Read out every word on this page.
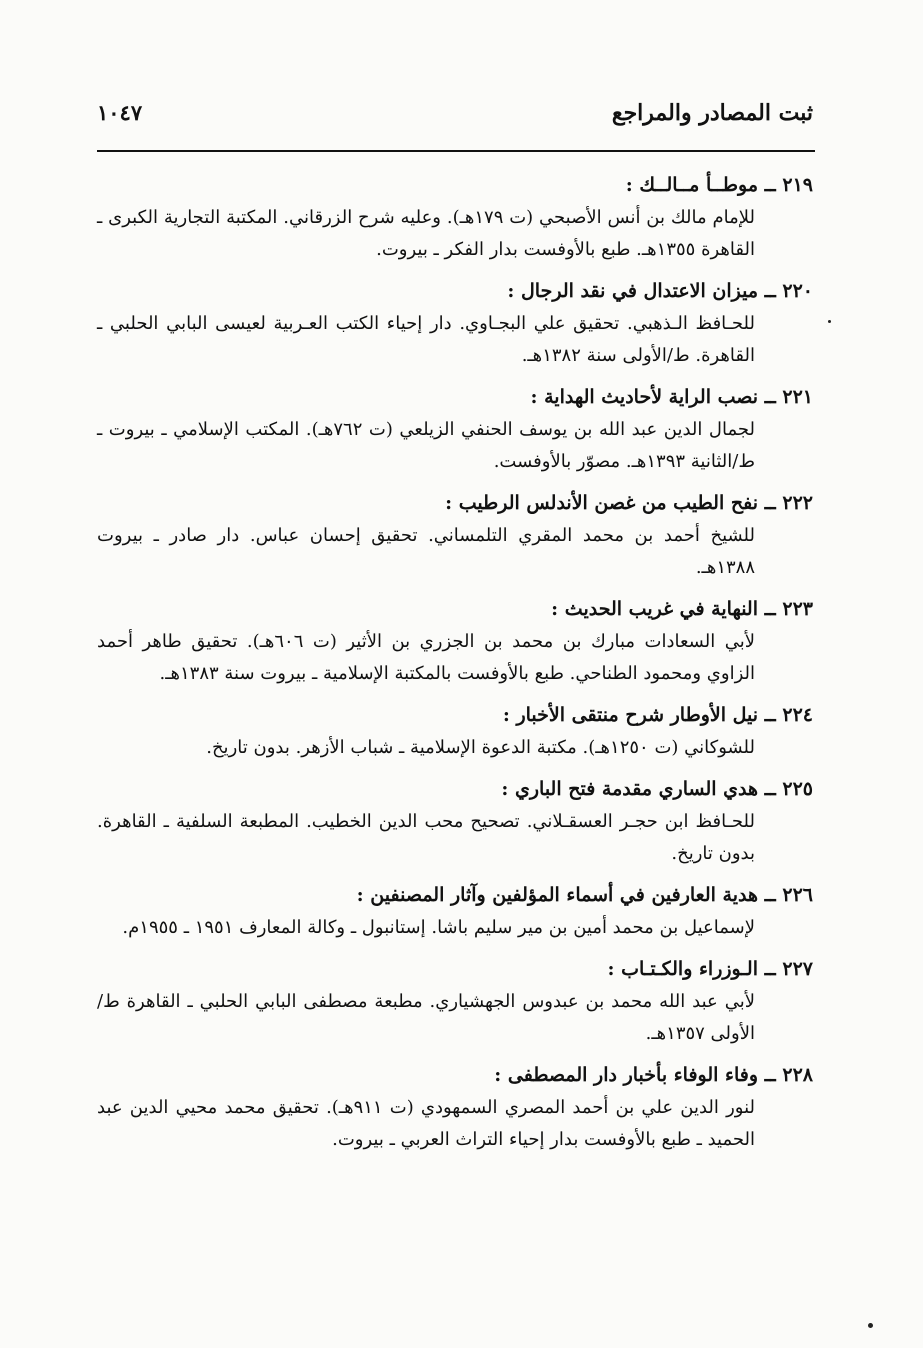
ثبت المصادر والمراجع
١٠٤٧
٢١٩ ــ موطــأ مــالــك :
للإمام مالك بن أنس الأصبحي (ت ١٧٩هـ). وعليه شرح الزرقاني. المكتبة التجارية الكبرى ـ القاهرة ١٣٥٥هـ. طبع بالأوفست بدار الفكر ـ بيروت.
٢٢٠ ــ ميزان الاعتدال في نقد الرجال :
للحـافظ الـذهبي. تحقيق علي البجـاوي. دار إحياء الكتب العـربية لعيسى البابي الحلبي ـ القاهرة. ط/الأولى سنة ١٣٨٢هـ.
٢٢١ ــ نصب الراية لأحاديث الهداية :
لجمال الدين عبد الله بن يوسف الحنفي الزيلعي (ت ٧٦٢هـ). المكتب الإسلامي ـ بيروت ـ ط/الثانية ١٣٩٣هـ. مصوّر بالأوفست.
٢٢٢ ــ نفح الطيب من غصن الأندلس الرطيب :
للشيخ أحمد بن محمد المقري التلمساني. تحقيق إحسان عباس. دار صادر ـ بيروت ١٣٨٨هـ.
٢٢٣ ــ النهاية في غريب الحديث :
لأبي السعادات مبارك بن محمد بن الجزري بن الأثير (ت ٦٠٦هـ). تحقيق طاهر أحمد الزاوي ومحمود الطناحي. طبع بالأوفست بالمكتبة الإسلامية ـ بيروت سنة ١٣٨٣هـ.
٢٢٤ ــ نيل الأوطار شرح منتقى الأخبار :
للشوكاني (ت ١٢٥٠هـ). مكتبة الدعوة الإسلامية ـ شباب الأزهر. بدون تاريخ.
٢٢٥ ــ هدي الساري مقدمة فتح الباري :
للحـافظ ابن حجـر العسقـلاني. تصحيح محب الدين الخطيب. المطبعة السلفية ـ القاهرة. بدون تاريخ.
٢٢٦ ــ هدية العارفين في أسماء المؤلفين وآثار المصنفين :
لإسماعيل بن محمد أمين بن مير سليم باشا. إستانبول ـ وكالة المعارف ١٩٥١ ـ ١٩٥٥م.
٢٢٧ ــ الـوزراء والكـتـاب :
لأبي عبد الله محمد بن عبدوس الجهشياري. مطبعة مصطفى البابي الحلبي ـ القاهرة ط/الأولى ١٣٥٧هـ.
٢٢٨ ــ وفاء الوفاء بأخبار دار المصطفى :
لنور الدين علي بن أحمد المصري السمهودي (ت ٩١١هـ). تحقيق محمد محيي الدين عبد الحميد ـ طبع بالأوفست بدار إحياء التراث العربي ـ بيروت.
